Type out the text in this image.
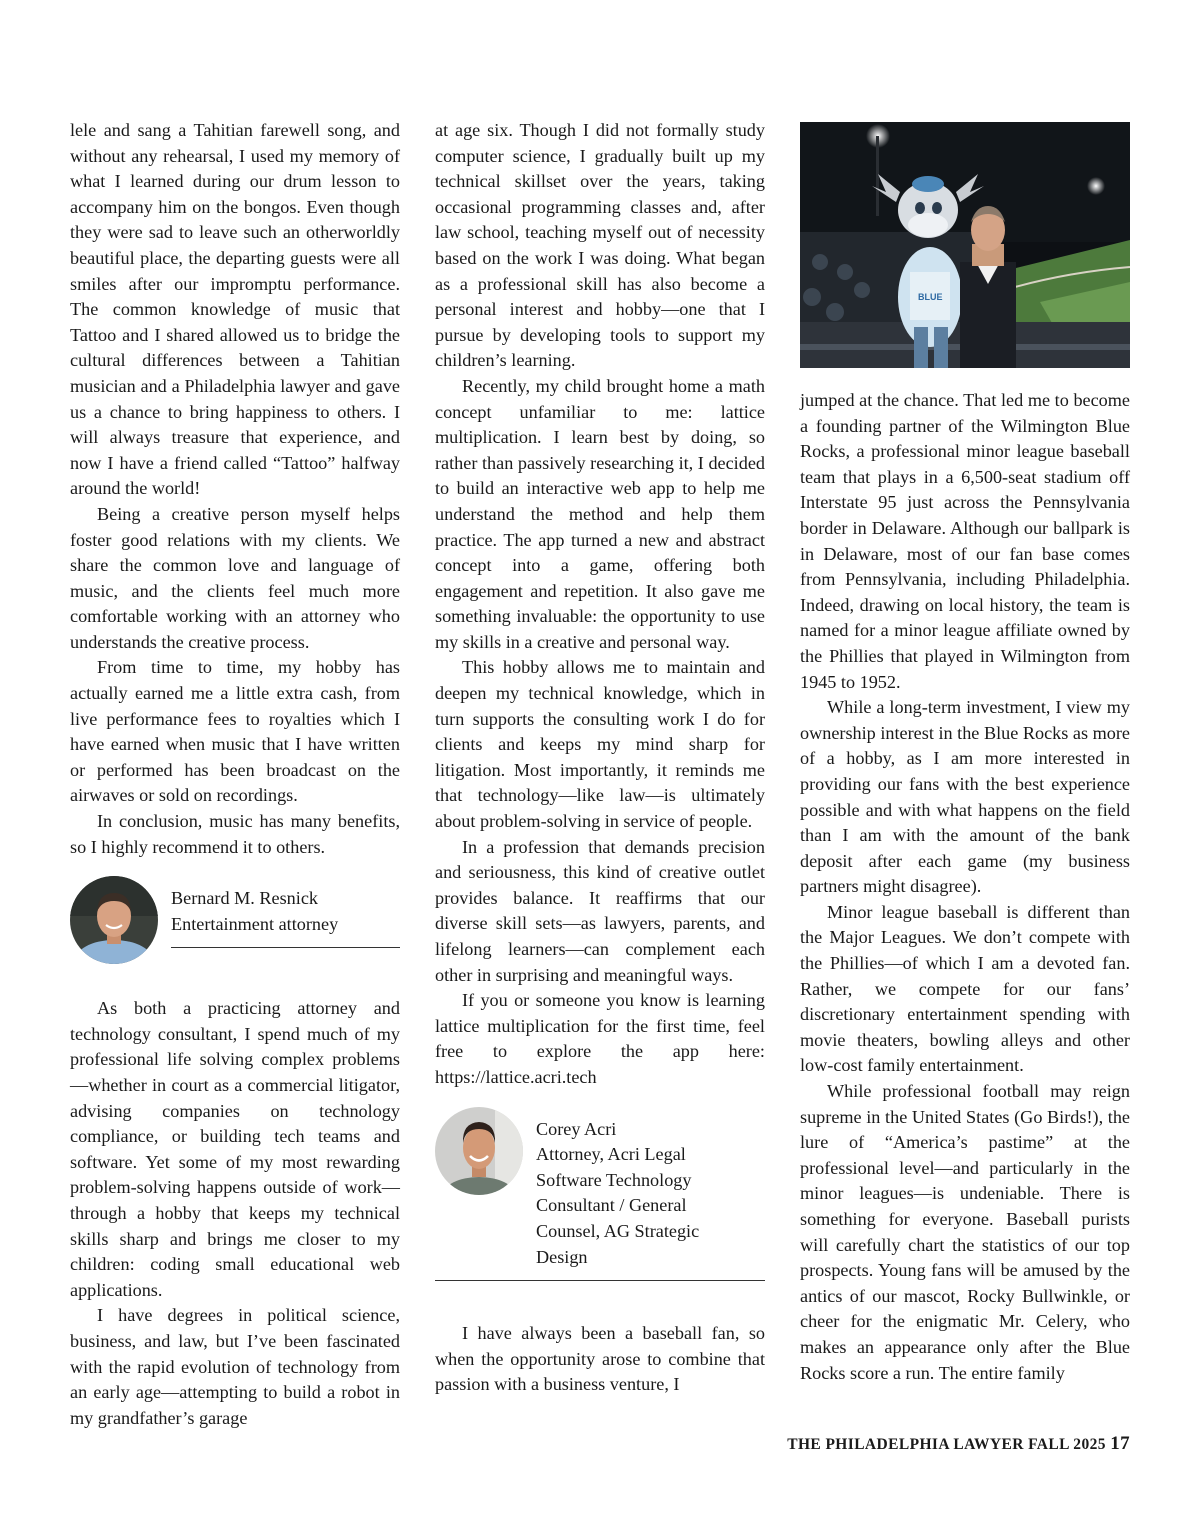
lele and sang a Tahitian farewell song, and without any rehearsal, I used my memory of what I learned during our drum lesson to accompany him on the bongos. Even though they were sad to leave such an otherworldly beautiful place, the departing guests were all smiles after our impromptu performance. The common knowledge of music that Tattoo and I shared allowed us to bridge the cultural differences between a Tahitian musician and a Philadelphia lawyer and gave us a chance to bring happiness to others. I will always treasure that experience, and now I have a friend called “Tattoo” halfway around the world!

Being a creative person myself helps foster good relations with my clients. We share the common love and language of music, and the clients feel much more comfortable working with an attorney who understands the creative process.

From time to time, my hobby has actually earned me a little extra cash, from live performance fees to royalties which I have earned when music that I have written or performed has been broadcast on the airwaves or sold on recordings.

In conclusion, music has many benefits, so I highly recommend it to others.

Bernard M. Resnick
Entertainment attorney

As both a practicing attorney and technology consultant, I spend much of my professional life solving complex problems—whether in court as a commercial litigator, advising companies on technology compliance, or building tech teams and software. Yet some of my most rewarding problem-solving happens outside of work—through a hobby that keeps my technical skills sharp and brings me closer to my children: coding small educational web applications.

I have degrees in political science, business, and law, but I’ve been fascinated with the rapid evolution of technology from an early age—attempting to build a robot in my grandfather’s garage

at age six. Though I did not formally study computer science, I gradually built up my technical skillset over the years, taking occasional programming classes and, after law school, teaching myself out of necessity based on the work I was doing. What began as a professional skill has also become a personal interest and hobby—one that I pursue by developing tools to support my children’s learning.

Recently, my child brought home a math concept unfamiliar to me: lattice multiplication. I learn best by doing, so rather than passively researching it, I decided to build an interactive web app to help me understand the method and help them practice. The app turned a new and abstract concept into a game, offering both engagement and repetition. It also gave me something invaluable: the opportunity to use my skills in a creative and personal way.

This hobby allows me to maintain and deepen my technical knowledge, which in turn supports the consulting work I do for clients and keeps my mind sharp for litigation. Most importantly, it reminds me that technology—like law—is ultimately about problem-solving in service of people.

In a profession that demands precision and seriousness, this kind of creative outlet provides balance. It reaffirms that our diverse skill sets—as lawyers, parents, and lifelong learners—can complement each other in surprising and meaningful ways.

If you or someone you know is learning lattice multiplication for the first time, feel free to explore the app here: https://lattice.acri.tech

Corey Acri
Attorney, Acri Legal
Software Technology
Consultant / General
Counsel, AG Strategic
Design

I have always been a baseball fan, so when the opportunity arose to combine that passion with a business venture, I

BLUE

jumped at the chance. That led me to become a founding partner of the Wilmington Blue Rocks, a professional minor league baseball team that plays in a 6,500-seat stadium off Interstate 95 just across the Pennsylvania border in Delaware. Although our ballpark is in Delaware, most of our fan base comes from Pennsylvania, including Philadelphia. Indeed, drawing on local history, the team is named for a minor league affiliate owned by the Phillies that played in Wilmington from 1945 to 1952.

While a long-term investment, I view my ownership interest in the Blue Rocks as more of a hobby, as I am more interested in providing our fans with the best experience possible and with what happens on the field than I am with the amount of the bank deposit after each game (my business partners might disagree).

Minor league baseball is different than the Major Leagues. We don’t compete with the Phillies—of which I am a devoted fan. Rather, we compete for our fans’ discretionary entertainment spending with movie theaters, bowling alleys and other low-cost family entertainment.

While professional football may reign supreme in the United States (Go Birds!), the lure of “America’s pastime” at the professional level—and particularly in the minor leagues—is undeniable. There is something for everyone. Baseball purists will carefully chart the statistics of our top prospects. Young fans will be amused by the antics of our mascot, Rocky Bullwinkle, or cheer for the enigmatic Mr. Celery, who makes an appearance only after the Blue Rocks score a run. The entire family

THE PHILADELPHIA LAWYER FALL 2025 17
